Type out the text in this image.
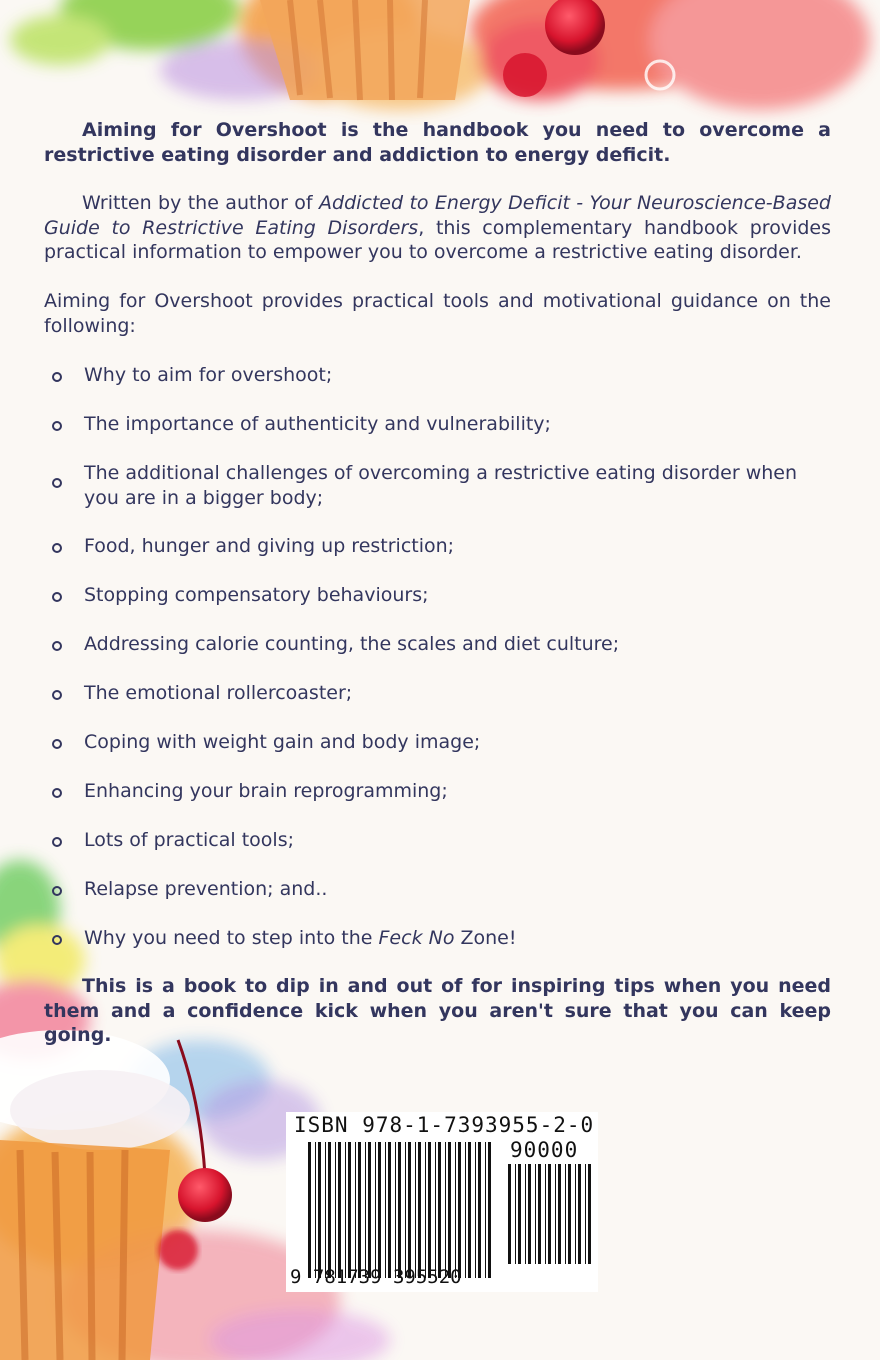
Aiming for Overshoot is the handbook you need to overcome a restrictive eating disorder and addiction to energy deficit.

Written by the author of Addicted to Energy Deficit - Your Neuroscience-Based Guide to Restrictive Eating Disorders, this complementary handbook provides practical information to empower you to overcome a restrictive eating disorder.

Aiming for Overshoot provides practical tools and motivational guidance on the following:

Why to aim for overshoot;

The importance of authenticity and vulnerability;

The additional challenges of overcoming a restrictive eating disorder when you are in a bigger body;

Food, hunger and giving up restriction;

Stopping compensatory behaviours;

Addressing calorie counting, the scales and diet culture;

The emotional rollercoaster;

Coping with weight gain and body image;

Enhancing your brain reprogramming;

Lots of practical tools;

Relapse prevention; and..

Why you need to step into the Feck No Zone!

This is a book to dip in and out of for inspiring tips when you need them and a confidence kick when you aren't sure that you can keep going.

ISBN 978-1-7393955-2-0
90000
9 781739 395520
